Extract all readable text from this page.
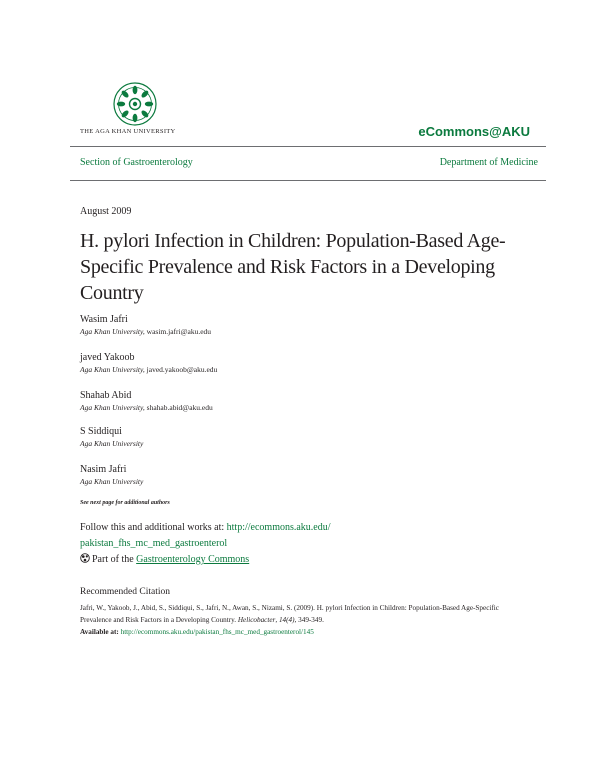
THE AGA KHAN UNIVERSITY	eCommons@AKU
Section of Gastroenterology	Department of Medicine
August 2009
H. pylori Infection in Children: Population-Based Age-Specific Prevalence and Risk Factors in a Developing Country
Wasim Jafri
Aga Khan University, wasim.jafri@aku.edu
javed Yakoob
Aga Khan University, javed.yakoob@aku.edu
Shahab Abid
Aga Khan University, shahab.abid@aku.edu
S Siddiqui
Aga Khan University
Nasim Jafri
Aga Khan University
See next page for additional authors
Follow this and additional works at: http://ecommons.aku.edu/
pakistan_fhs_mc_med_gastroenterol
Part of the Gastroenterology Commons
Recommended Citation
Jafri, W., Yakoob, J., Abid, S., Siddiqui, S., Jafri, N., Awan, S., Nizami, S. (2009). H. pylori Infection in Children: Population-Based Age-Specific Prevalence and Risk Factors in a Developing Country. Helicobacter, 14(4), 349-349.
Available at: http://ecommons.aku.edu/pakistan_fhs_mc_med_gastroenterol/145
